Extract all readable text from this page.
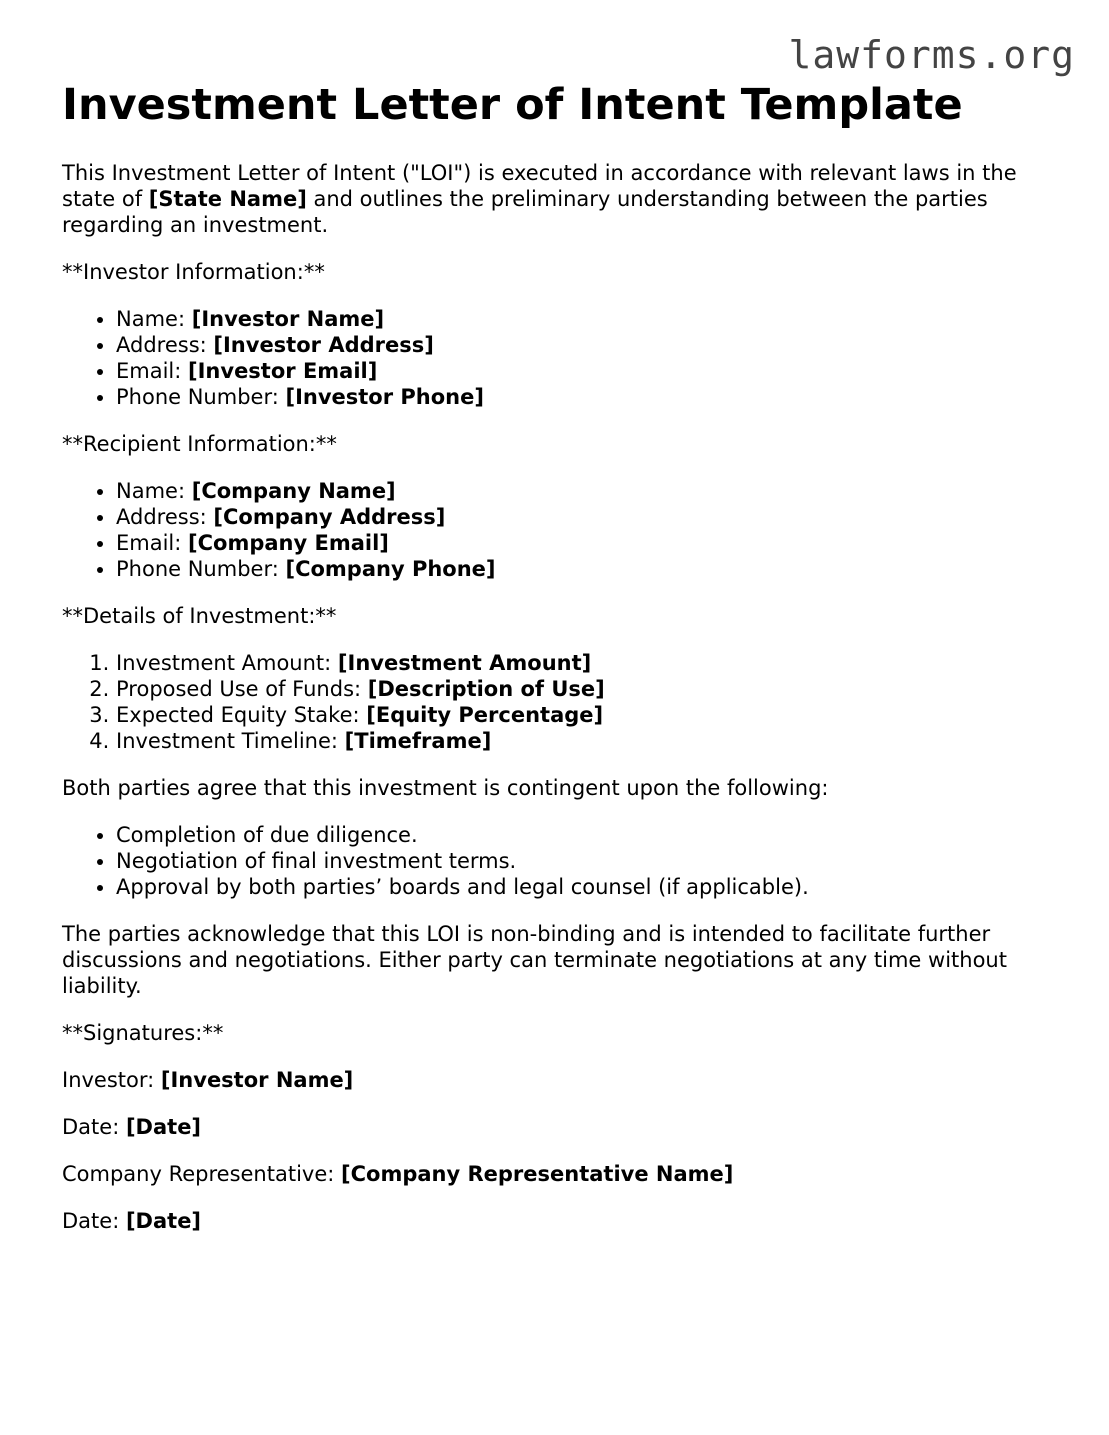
lawforms.org
Investment Letter of Intent Template

This Investment Letter of Intent ("LOI") is executed in accordance with relevant laws in the state of [State Name] and outlines the preliminary understanding between the parties regarding an investment.

**Investor Information:**

• Name: [Investor Name]
• Address: [Investor Address]
• Email: [Investor Email]
• Phone Number: [Investor Phone]

**Recipient Information:**

• Name: [Company Name]
• Address: [Company Address]
• Email: [Company Email]
• Phone Number: [Company Phone]

**Details of Investment:**

1. Investment Amount: [Investment Amount]
2. Proposed Use of Funds: [Description of Use]
3. Expected Equity Stake: [Equity Percentage]
4. Investment Timeline: [Timeframe]

Both parties agree that this investment is contingent upon the following:

• Completion of due diligence.
• Negotiation of final investment terms.
• Approval by both parties’ boards and legal counsel (if applicable).

The parties acknowledge that this LOI is non-binding and is intended to facilitate further discussions and negotiations. Either party can terminate negotiations at any time without liability.

**Signatures:**

Investor: [Investor Name]

Date: [Date]

Company Representative: [Company Representative Name]

Date: [Date]
